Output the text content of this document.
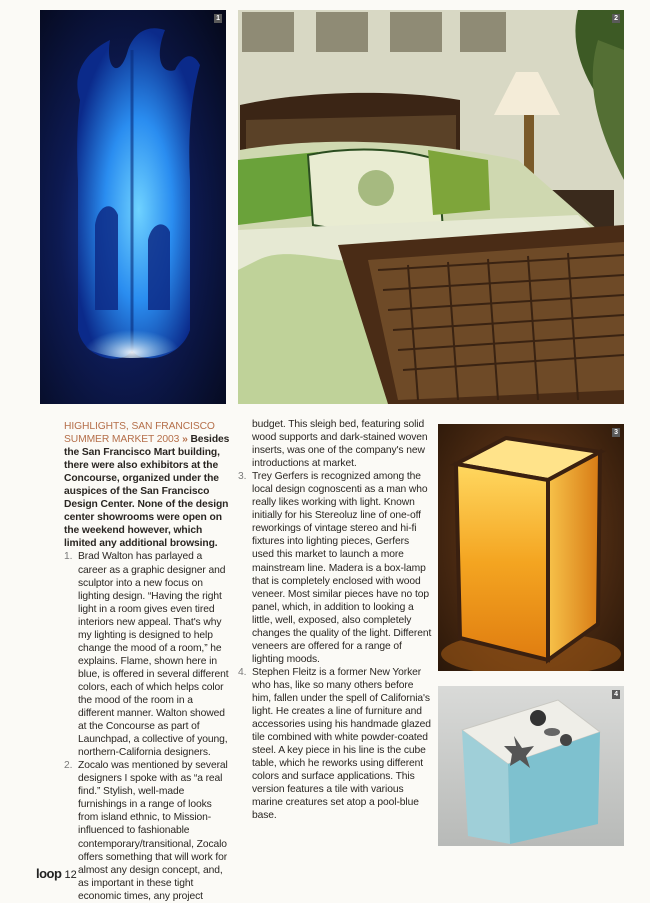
1	2
3
4
HIGHLIGHTS, SAN FRANCISCO SUMMER MARKET 2003 » Besides the San Francisco Mart building, there were also exhibitors at the Concourse, organized under the auspices of the San Francisco Design Center. None of the design center showrooms were open on the weekend however, which limited any additional browsing.
1. Brad Walton has parlayed a career as a graphic designer and sculptor into a new focus on lighting design. “Having the right light in a room gives even tired interiors new appeal. That's why my lighting is designed to help change the mood of a room,” he explains. Flame, shown here in blue, is offered in several different colors, each of which helps color the mood of the room in a different manner. Walton showed at the Concourse as part of Launchpad, a collective of young, northern-California designers.
2. Zocalo was mentioned by several designers I spoke with as “a real find.” Stylish, well-made furnishings in a range of looks from island ethnic, to Mission-influenced to fashionable contemporary/transitional, Zocalo offers something that will work for almost any design concept, and, as important in these tight economic times, any project
budget. This sleigh bed, featuring solid wood supports and dark-stained woven inserts, was one of the company's new introductions at market.
3. Trey Gerfers is recognized among the local design cognoscenti as a man who really likes working with light. Known initially for his Stereoluz line of one-off reworkings of vintage stereo and hi-fi fixtures into lighting pieces, Gerfers used this market to launch a more mainstream line. Madera is a box-lamp that is completely enclosed with wood veneer. Most similar pieces have no top panel, which, in addition to looking a little, well, exposed, also completely changes the quality of the light. Different veneers are offered for a range of lighting moods.
4. Stephen Fleitz is a former New Yorker who has, like so many others before him, fallen under the spell of California's light. He creates a line of furniture and accessories using his handmade glazed tile combined with white powder-coated steel. A key piece in his line is the cube table, which he reworks using different colors and surface applications. This version features a tile with various marine creatures set atop a pool-blue base.
loop 12
